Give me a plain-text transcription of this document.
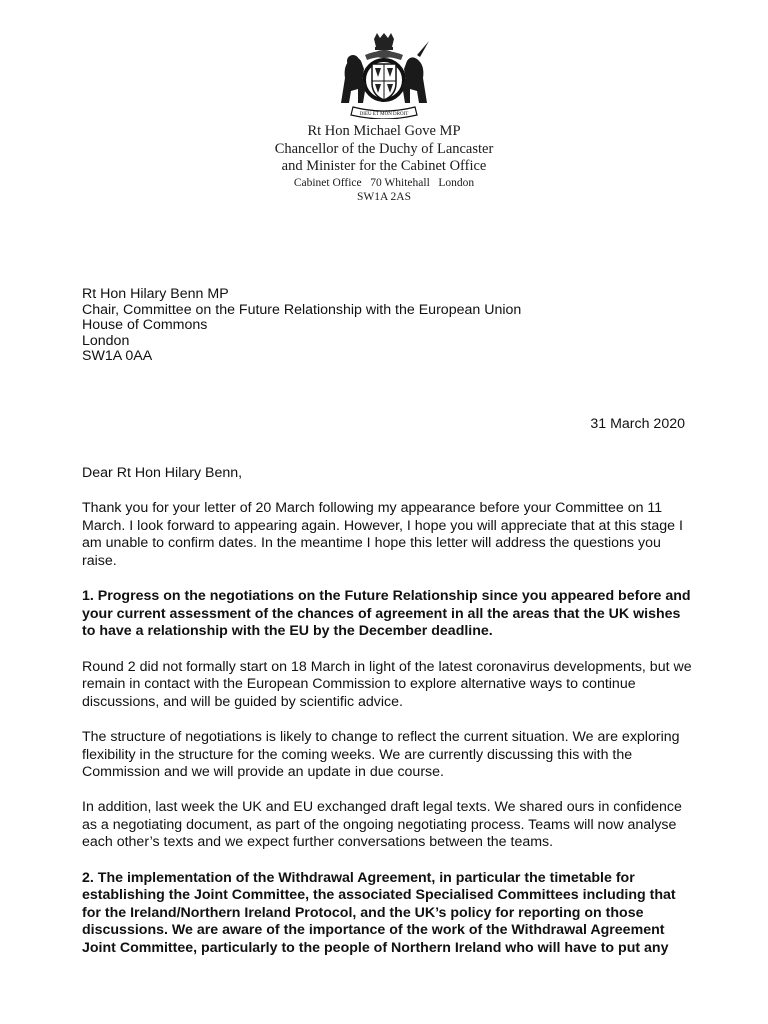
DIEU ET MON DROIT
Rt Hon Michael Gove MP
Chancellor of the Duchy of Lancaster
and Minister for the Cabinet Office
Cabinet Office   70 Whitehall   London
SW1A 2AS
Rt Hon Hilary Benn MP
Chair, Committee on the Future Relationship with the European Union
House of Commons
London
SW1A 0AA
31 March 2020

Dear Rt Hon Hilary Benn,

Thank you for your letter of 20 March following my appearance before your Committee on 11 March. I look forward to appearing again. However, I hope you will appreciate that at this stage I am unable to confirm dates. In the meantime I hope this letter will address the questions you raise.

1. Progress on the negotiations on the Future Relationship since you appeared before and your current assessment of the chances of agreement in all the areas that the UK wishes to have a relationship with the EU by the December deadline.

Round 2 did not formally start on 18 March in light of the latest coronavirus developments, but we remain in contact with the European Commission to explore alternative ways to continue discussions, and will be guided by scientific advice.

The structure of negotiations is likely to change to reflect the current situation. We are exploring flexibility in the structure for the coming weeks. We are currently discussing this with the Commission and we will provide an update in due course.

In addition, last week the UK and EU exchanged draft legal texts. We shared ours in confidence as a negotiating document, as part of the ongoing negotiating process. Teams will now analyse each other’s texts and we expect further conversations between the teams.

2. The implementation of the Withdrawal Agreement, in particular the timetable for establishing the Joint Committee, the associated Specialised Committees including that for the Ireland/Northern Ireland Protocol, and the UK’s policy for reporting on those discussions. We are aware of the importance of the work of the Withdrawal Agreement Joint Committee, particularly to the people of Northern Ireland who will have to put any
